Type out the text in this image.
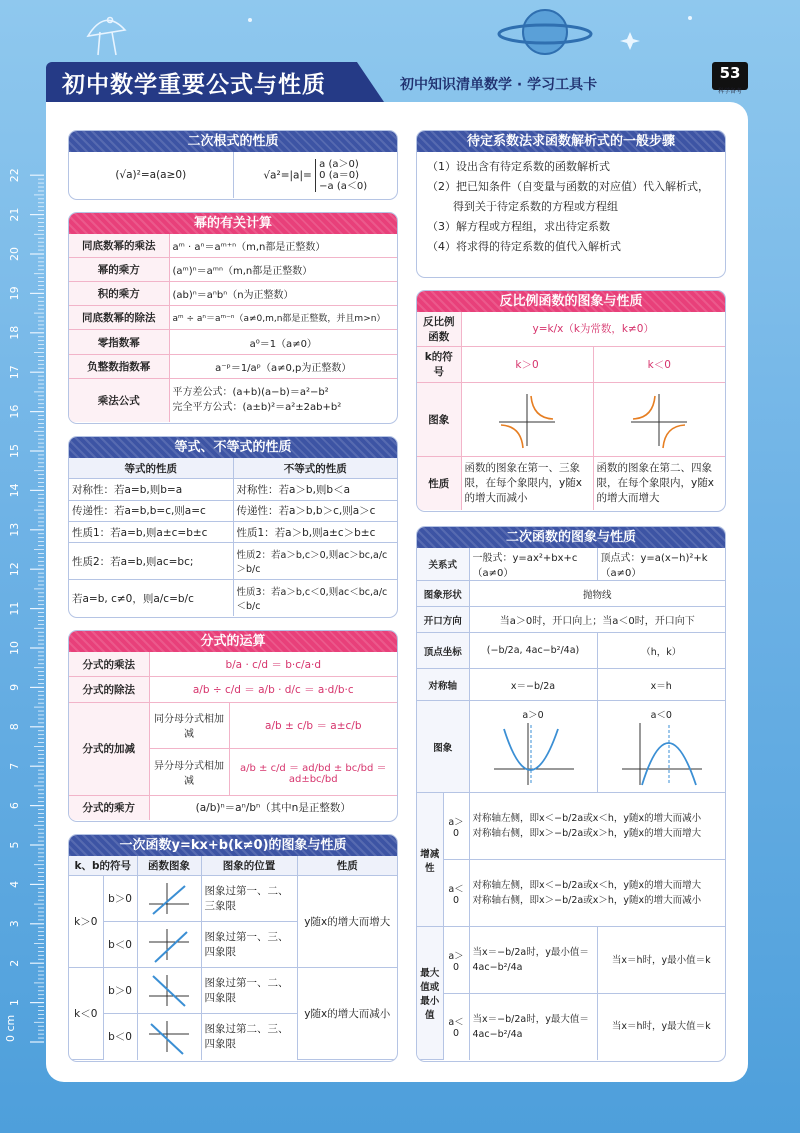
0 cm
1
2
3
4
5
6
7
8
9
10
11
12
13
14
15
16
17
18
19
20
21
22
初中数学重要公式与性质	初中知识清单数学 · 学习工具卡
53
科学备考
二次根式的性质
(√a)²=a(a≥0)	√a²=|a|=
a (a＞0)
0 (a＝0)
−a (a＜0)
幂的有关计算
同底数幂的乘法	aᵐ · aⁿ＝aᵐ⁺ⁿ（m,n都是正整数）
幂的乘方	(aᵐ)ⁿ＝aᵐⁿ（m,n都是正整数）
积的乘方	(ab)ⁿ＝aⁿbⁿ（n为正整数）
同底数幂的除法	aᵐ ÷ aⁿ＝aᵐ⁻ⁿ（a≠0,m,n都是正整数，并且m>n）
零指数幂	a⁰＝1（a≠0）
负整数指数幂	a⁻ᵖ＝1/aᵖ（a≠0,p为正整数）
乘法公式	平方差公式：(a+b)(a−b)＝a²−b²
完全平方公式：(a±b)²＝a²±2ab+b²
等式、不等式的性质
等式的性质	不等式的性质
对称性：若a=b,则b=a	对称性：若a＞b,则b＜a
传递性：若a=b,b=c,则a=c	传递性：若a＞b,b＞c,则a＞c
性质1：若a=b,则a±c=b±c	性质1：若a＞b,则a±c＞b±c
性质2：若a=b,则ac=bc;	性质2：若a＞b,c＞0,则ac＞bc,a/c＞b/c
若a=b, c≠0，则a/c=b/c	性质3：若a＞b,c＜0,则ac＜bc,a/c＜b/c
分式的运算
分式的乘法	b/a · c/d ＝ b·c/a·d	
分式的除法	a/b ÷ c/d ＝ a/b · d/c ＝ a·d/b·c	
分式的加减	同分母分式相加减	a/b ± c/b ＝ a±c/b
	异分母分式相加减	a/b ± c/d ＝ ad/bd ± bc/bd ＝ ad±bc/bd
分式的乘方	(a/b)ⁿ＝aⁿ/bⁿ（其中n是正整数）	
一次函数y=kx+b(k≠0)的图象与性质
k、b的符号		函数图象	图象的位置	性质
k＞0	b＞0		图象过第一、二、三象限	y随x的增大而增大
	b＜0		图象过第一、三、四象限	
k＜0	b＞0		图象过第一、二、四象限	y随x的增大而减小
	b＜0		图象过第二、三、四象限	
待定系数法求函数解析式的一般步骤
（1）设出含有待定系数的函数解析式
（2）把已知条件（自变量与函数的对应值）代入解析式，
得到关于待定系数的方程或方程组
（3）解方程或方程组，求出待定系数
（4）将求得的待定系数的值代入解析式
反比例函数的图象与性质
反比例函数	y=k/x（k为常数，k≠0）	
k的符号	k＞0	k＜0
图象	

性质	函数的图象在第一、三象限，在每个象限内，y随x的增大而减小	函数的图象在第二、四象限，在每个象限内，y随x的增大而增大
二次函数的图象与性质
关系式		一般式：y=ax²+bx+c（a≠0）	顶点式：y=a(x−h)²+k（a≠0）
图象形状		抛物线	
开口方向		当a＞0时，开口向上；当a＜0时，开口向下	
顶点坐标		(−b/2a, 4ac−b²/4a)	（h，k）
对称轴		x＝−b/2a	x＝h
图象		a＞0	a＜0

增减性	a＞0	对称轴左侧，即x＜−b/2a或x＜h，y随x的增大而减小
对称轴右侧，即x＞−b/2a或x＞h，y随x的增大而增大	

	a＜0	对称轴左侧，即x＜−b/2a或x＜h，y随x的增大而增大
对称轴右侧，即x＞−b/2a或x＞h，y随x的增大而减小	

最大值或最小值	a＞0	当x＝−b/2a时，y最小值＝4ac−b²/4a	当x＝h时，y最小值＝k
	a＜0	当x＝−b/2a时，y最大值＝4ac−b²/4a	当x＝h时，y最大值＝k
